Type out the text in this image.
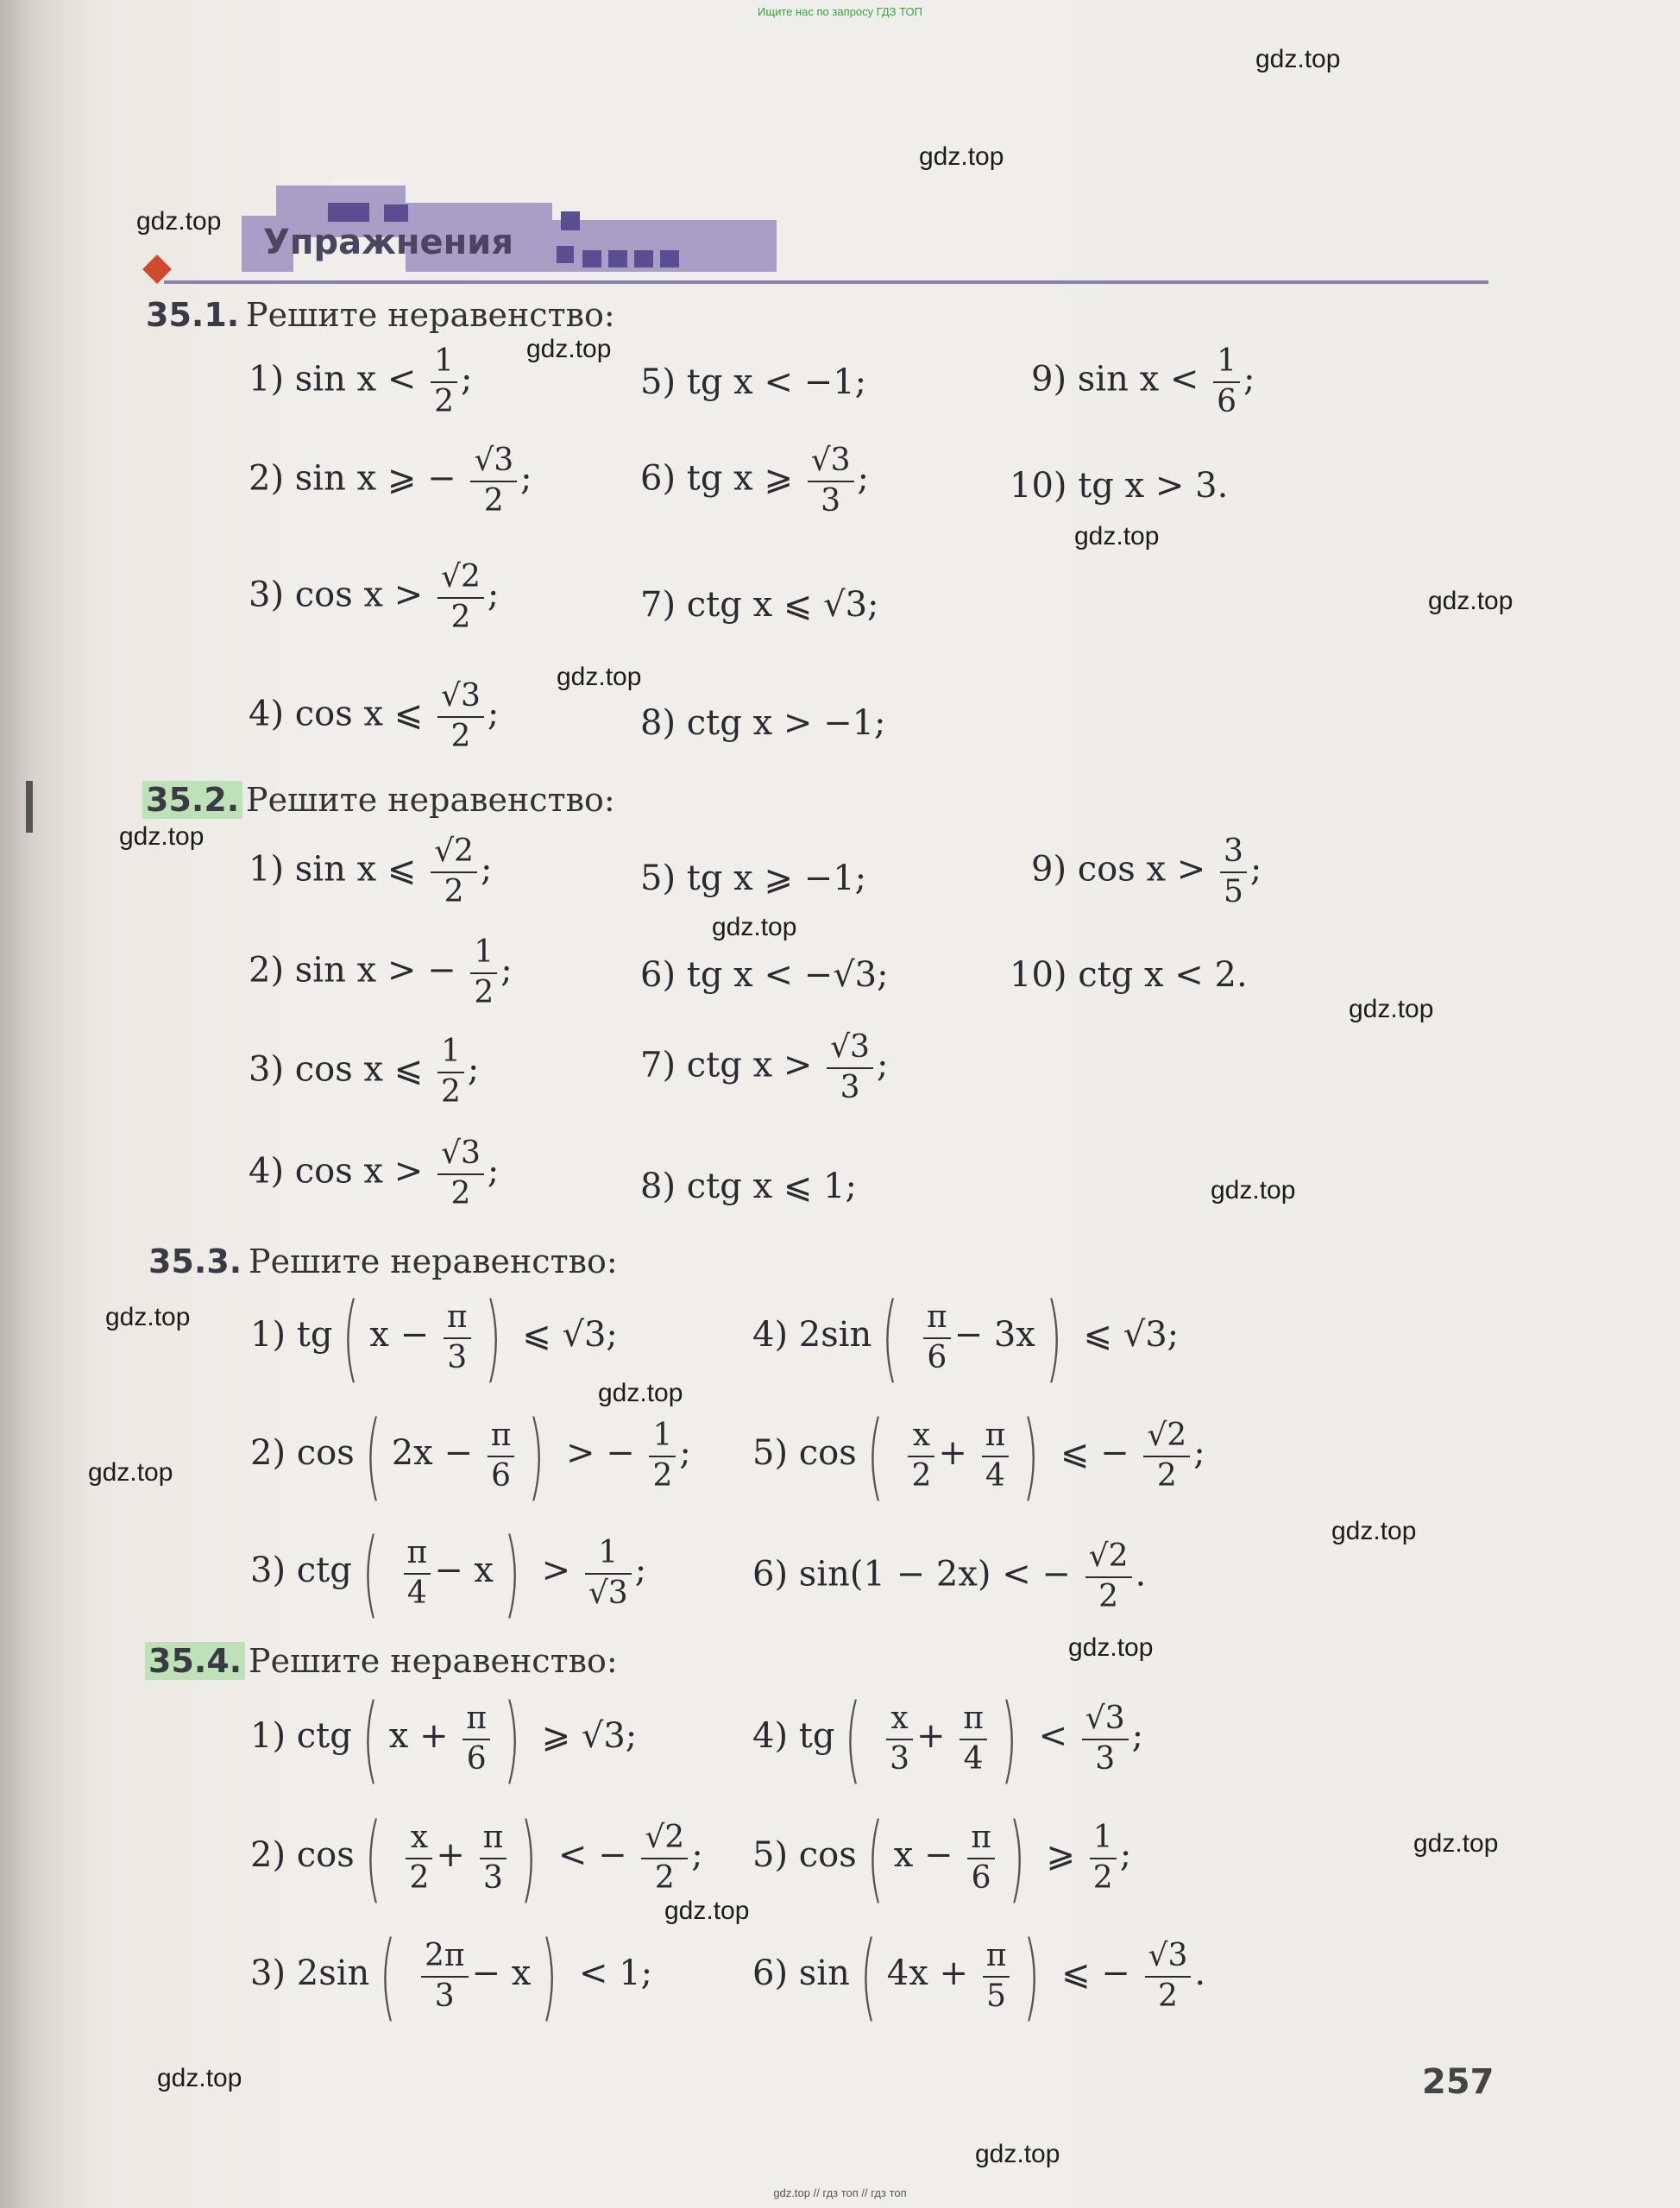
Ищите нас по запросу ГДЗ ТОП
gdz.top
gdz.top
gdz.top
gdz.top
gdz.top
gdz.top
gdz.top
gdz.top
gdz.top
gdz.top
gdz.top
gdz.top
gdz.top
gdz.top
gdz.top
gdz.top
gdz.top
gdz.top
gdz.top
gdz.top
Упражнения
35.1. Решите неравенство:
1) $\sin x < \frac{1}{2}$ ;
2) sin x ⩾ − $\frac{√3}{2}$ ;
3) $\cos x > \frac{√2}{2}$ ;
4) cos x ⩽ $\frac{√3}{2}$ ;
5) tg x < −1;
6) tg x ⩾ $\frac{√3}{3}$ ;
7) ctg x ⩽ √3;
8) ctg x > −1;
9) $\sin x < \frac{1}{6}$ ;
10) tg x > 3.
35.2. Решите неравенство:
1) sin x ⩽ $\frac{√2}{2}$ ;
2) sin x > − $\frac{1}{2}$ ;
3) cos x ⩽ $\frac{1}{2}$ ;
4) $\cos x > \frac{√3}{2}$ ;
5) tg x ⩾ −1;
6) tg x < −√3;
7) ctg $x > \frac{√3}{3}$ ;
8) ctg x ⩽ 1;
9) $\cos x > \frac{3}{5}$ ;
10) ctg x < 2.
35.3. Решите неравенство:
1) tg ( $x - \frac{\pi}{3}$ ) ⩽ √3;
2) cos ( $2x - \frac{\pi}{6}$ ) > − $\frac{1}{2}$ ;
3) ctg ( $\frac{\pi}{4} - x$ ) > $\frac{1}{√3}$ ;
4) 2sin ( $\frac{\pi}{6} - 3x$ ) ⩽ √3;
5) cos ( $\frac{x}{2} + \frac{\pi}{4}$ ) ⩽ − $\frac{√2}{2}$ ;
6) sin(1 − 2x) < − $\frac{√2}{2}$ .
35.4. Решите неравенство:
1) ctg ( $x + \frac{\pi}{6}$ ) ⩾ √3;
2) cos ( $\frac{x}{2} + \frac{\pi}{3}$ ) < − $\frac{√2}{2}$ ;
3) 2sin ( $\frac{2\pi}{3} - x$ ) < 1;
4) tg ( $\frac{x}{3} + \frac{\pi}{4}$ ) < $\frac{√3}{3}$ ;
5) cos ( $x - \frac{\pi}{6}$ ) ⩾ $\frac{1}{2}$ ;
6) sin ( $4x + \frac{\pi}{5}$ ) ⩽ − $\frac{√3}{2}$ .
257
gdz.top // гдз топ // гдз топ
